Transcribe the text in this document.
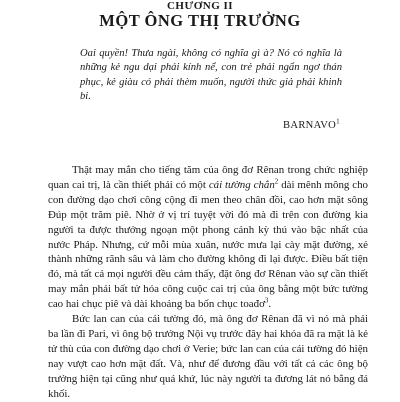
CHƯƠNG II
MỘT ÔNG THỊ TRƯỞNG
Oai quyền! Thưa ngài, không có nghĩa gì à? Nó có nghĩa là những kẻ ngu dại phải kính nể, con trẻ phải ngẩn ngơ thán phục, kẻ giàu có phải thèm muốn, người thức giả phải khinh bỉ.
BARNAVO$^1$

Thật may mắn cho tiếng tăm của ông đơ Rênan trong chức nghiệp quan cai trị, là cần thiết phải có một cái tường chắn$^2$ dài mênh mông cho con đường dạo chơi công cộng đi men theo chân đồi, cao hơn mặt sông Đúp một trăm piê. Nhờ ở vị trí tuyệt vời đó mà đi trên con đường kia người ta được thưởng ngoạn một phong cảnh kỳ thú vào bậc nhất của nước Pháp. Nhưng, cứ mỗi mùa xuân, nước mưa lại cày mặt đường, xẻ thành những rãnh sâu và làm cho đường không đi lại được. Điều bất tiện đó, mà tất cả mọi người đều cảm thấy, đặt ông đơ Rênan vào sự cần thiết may mắn phải bất tử hóa công cuộc cai trị của ông bằng một bức tường cao hai chục piê và dài khoảng ba bốn chục toađơ$^3$.

Bức lan can của cái tường đó, mà ông đơ Rênan đã vì nó mà phải ba lần đi Pari, vì ông bộ trưởng Nội vụ trước đây hai khóa đã ra mặt là kẻ tử thù của con đường dạo chơi ở Verie; bức lan can của cái tường đó hiện nay vượt cao hơn mặt đất. Và, như để đương đầu với tất cả các ông bộ trưởng hiện tại cũng như quá khứ, lúc này người ta đương lát nó bằng đá khối.
